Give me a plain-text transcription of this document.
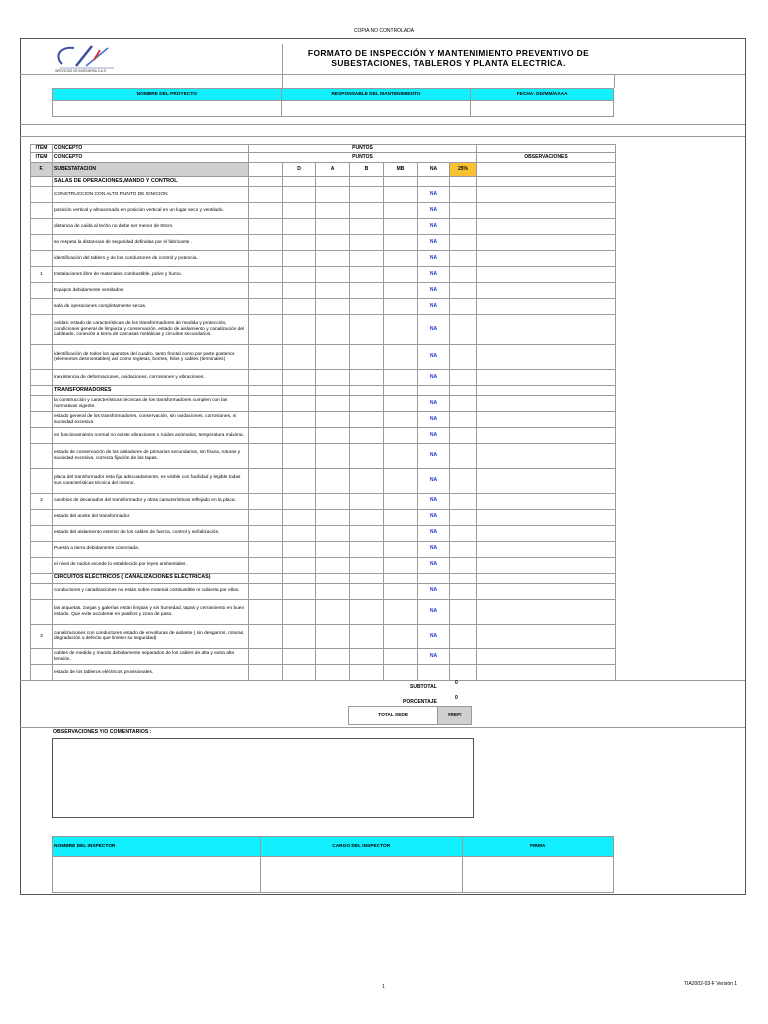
COPIA NO CONTROLADA
SERVICIOS DE INGENIERIA S.A.S
FORMATO DE INSPECCIÓN Y MANTENIMIENTO PREVENTIVO DE
SUBESTACIONES, TABLEROS Y PLANTA ELECTRICA.
NOMBRE DEL PROYECTO	RESPONSABLE DEL MANTENIMIENTO	FECHA: DD/MM/AAAA

ITEM	CONCEPTO	PUNTOS							
ITEM	CONCEPTO	PUNTOS							OBSERVACIONES
F.	SUBESTATACION		D	A	B	MB	NA	25%	
	SALAS DE OPERACIONES,MANDO Y CONTROL								
	CONSTRUCCION CON ALTO PUNTO DE IGNICION						NA		
	posición vertical y almacenado en posición vertical en un lugar seco y ventilado.						NA		
	distancia de caída al techo no debe ser menor de 60cm.						NA		
	se respeta la distancias de seguridad definidas por el fabricante .						NA		
	identificación del tablero y de los conductores de control y potencia.						NA		
1	Instalaciones libre de materiales combustible, polvo y humo.						NA		
	Equipos debidamente ventilados						NA		
	sala de operaciones completamente secas.						NA		
	celdas: estado de características de los transformadores de medida y protección, condiciones general de limpieza y conservación, estado de aislamiento y canalización del cableado, conexión a tierra de carcasas metálicas y circuitos secundarios.						NA		
	identificación de todos los aparatos del cuadro, tanto frontal como por parte posterior.(elementos desmontables) así como regletas, bornes, hilos y cables (terminales)						NA		
	inexistencia de deformaciones, oxidaciones, corrosiones y vibraciones.						NA		
	TRANSFORMADORES								
	la construcción y características técnicas de los transformadores cumplen con las normativas vigente.						NA		
	estado general de los transformadores, conservación, sin oxidaciones, corrosiones, ni suciedad excesiva						NA		
	en funcionamiento normal no existe vibraciones o ruidos anómalos, temperatura máxima.						NA		
	estado de conservación de los aisladores de primarios secundarios, sin fisura, roturas y suciedad excesiva, correcta fijación de las tapas.						NA		
	placa del transformador esta fija adecuadamente, es visible con facilidad y legible todas sus características técnica del mismo.						NA		
2	cambios de devanados del transformador y otras características reflejado en la placa.						NA		
	estado del aceite del transformador.						NA		
	estado del aislamiento exterior de los cables de fuerza, control y señalización.						NA		
	Puesta a tierra debidamente conectada.						NA		
	el nivel de ruidos excede lo establecido por leyes ambientales.						NA		
	CIRCUITOS ELÉCTRICOS ( CANALIZACIONES ELÉCTRICAS)								
	conductores y canalizaciones no están sobre material combustible ni cubierta por ellos.						NA		
	las arquetas, zanjas y galerías están limpias y sin humedad, tapas y cerramiento en buen estado. Que evite accidente en pasillos y zona de paso.						NA		
3	canalizaciones con conductores estado de envolturas de aislante ( sin desgarros, roturas, degradación o defecto que limiten su seguridad).						NA		
	cables de medida y mando debidamente separados de los cables de alta y extra alta tensión.						NA		
	estado de los tableros eléctricos provisionales.								
SUBTOTAL
0
PORCENTAJE
0
TOTAL SEDE	#REF!
OBSERVACIONES Y/O COMENTARIOS :
NOMBRE DEL INSPECTOR	CARGO DEL INSPECTOR	FIRMA

1	TIA2002-03-F Versión 1
